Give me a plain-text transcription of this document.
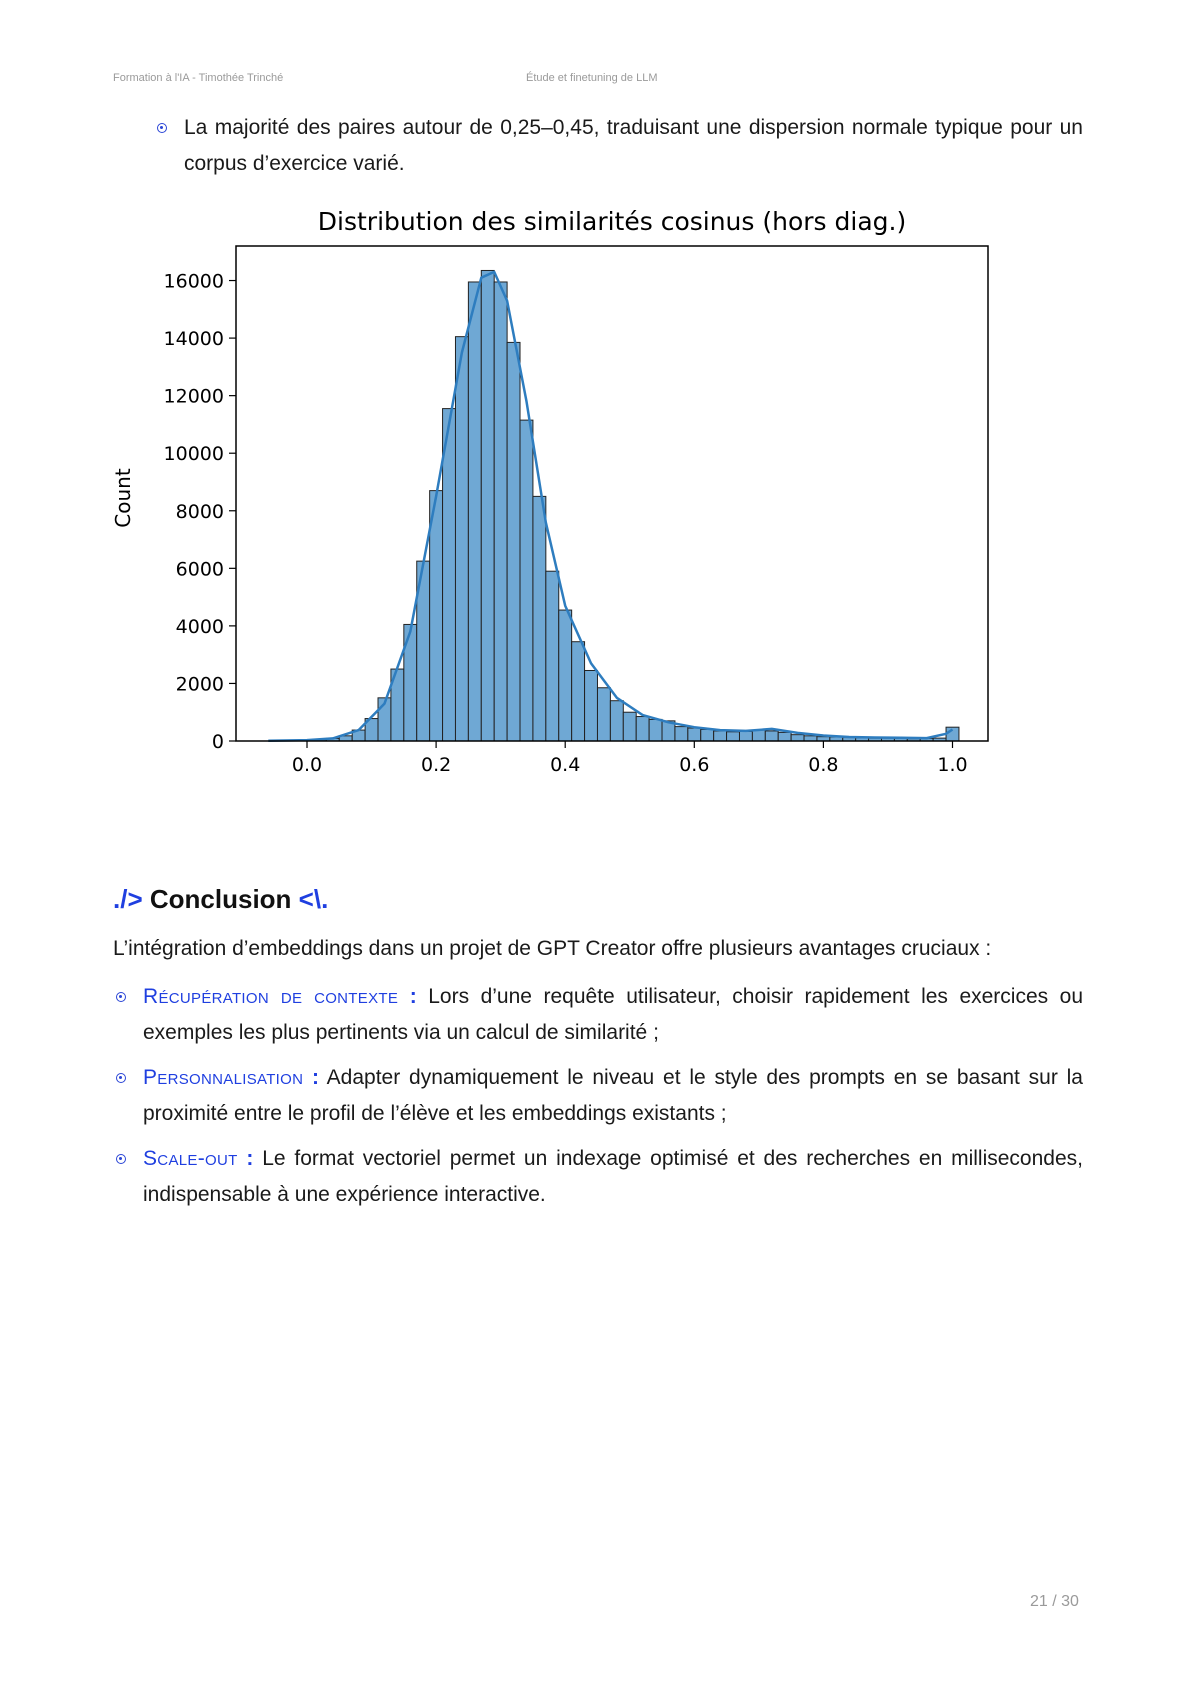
Formation à l'IA - Timothée Trinché	Étude et finetuning de LLM
La majorité des paires autour de 0,25–0,45, traduisant une dispersion normale typique pour un corpus d’exercice varié.
Distribution des similarités cosinus (hors diag.)
Count
0
2000
4000
6000
8000
10000
12000
14000
16000
0.0	0.2	0.4	0.6	0.8	1.0
./> Conclusion <\.

L’intégration d’embeddings dans un projet de GPT Creator offre plusieurs avantages cruciaux :

Récupération de contexte : Lors d’une requête utilisateur, choisir rapidement les exercices ou exemples les plus pertinents via un calcul de similarité ;
Personnalisation : Adapter dynamiquement le niveau et le style des prompts en se basant sur la proximité entre le profil de l’élève et les embeddings existants ;
Scale-out : Le format vectoriel permet un indexage optimisé et des recherches en millisecondes, indispensable à une expérience interactive.
21 / 30
